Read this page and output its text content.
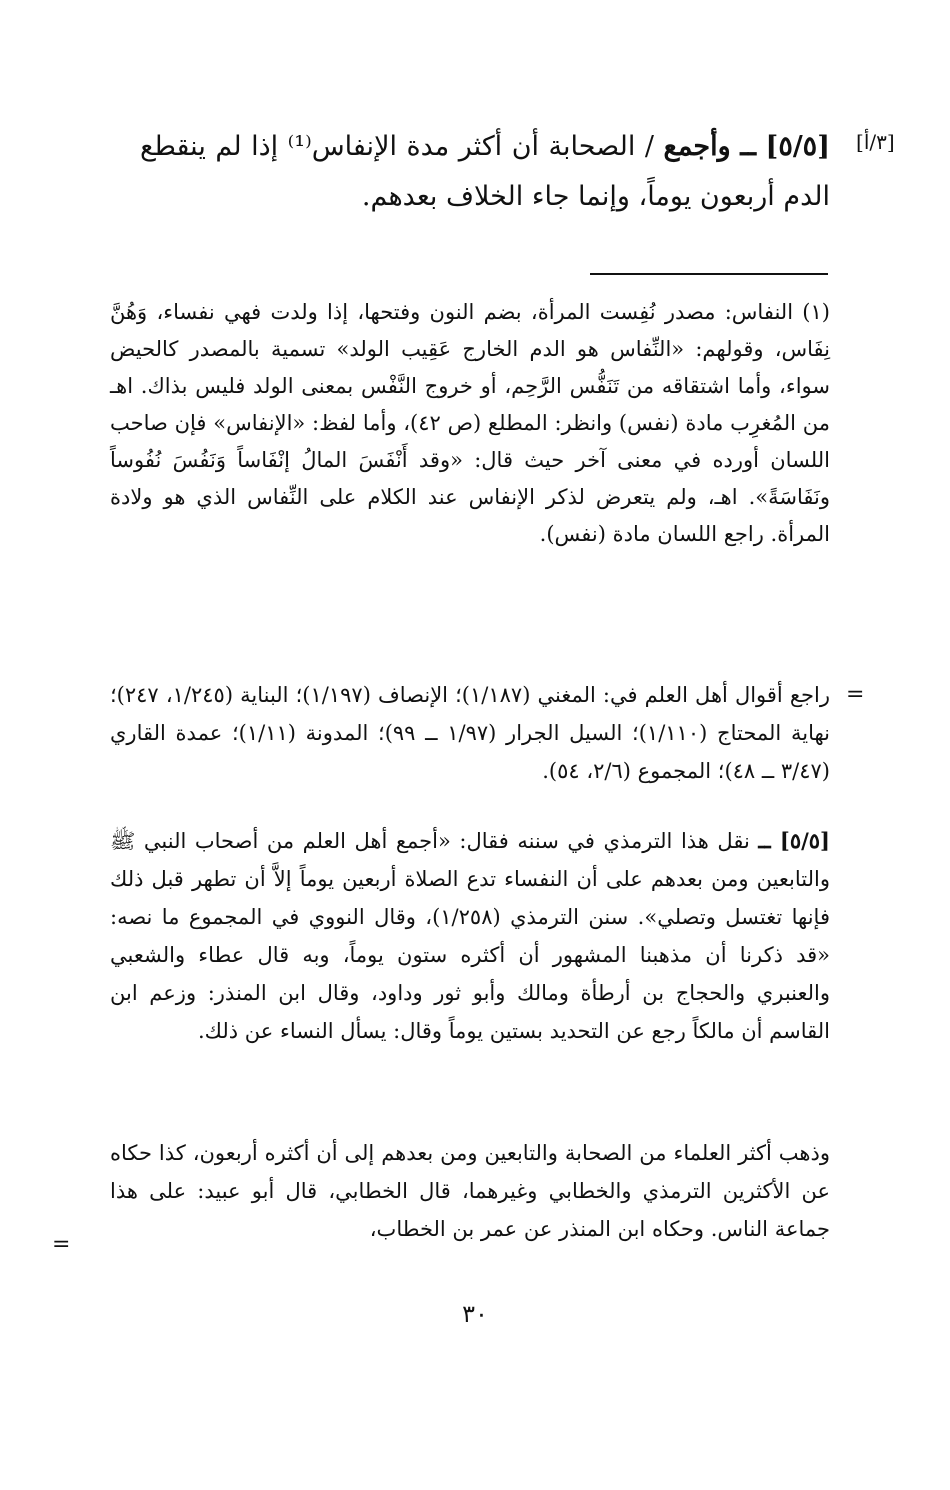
[٣/أ]
[٥/٥] ــ وأجمع / الصحابة أن أكثر مدة الإنفاس⁽¹⁾ إذا لم ينقطع الدم أربعون يوماً، وإنما جاء الخلاف بعدهم.
(١) النفاس: مصدر نُفِست المرأة، بضم النون وفتحها، إذا ولدت فهي نفساء، وَهُنَّ نِفَاس، وقولهم: «النِّفاس هو الدم الخارج عَقِيب الولد» تسمية بالمصدر كالحيض سواء، وأما اشتقاقه من تَنَفُّس الرَّحِم، أو خروج النَّفْس بمعنى الولد فليس بذاك. اهـ من المُغرِب مادة (نفس) وانظر: المطلع (ص ٤٢)، وأما لفظ: «الإنفاس» فإن صاحب اللسان أورده في معنى آخر حيث قال: «وقد أَنْفَسَ المالُ إنْفَاساً وَنَفُسَ نُفُوساً ونَفَاسَةً». اهـ، ولم يتعرض لذكر الإنفاس عند الكلام على النِّفاس الذي هو ولادة المرأة. راجع اللسان مادة (نفس).
=
راجع أقوال أهل العلم في: المغني (١/١٨٧)؛ الإنصاف (١/١٩٧)؛ البناية (١/٢٤٥، ٢٤٧)؛ نهاية المحتاج (١/١١٠)؛ السيل الجرار (١/٩٧ ــ ٩٩)؛ المدونة (١/١١)؛ عمدة القاري (٣/٤٧ ــ ٤٨)؛ المجموع (٢/٦، ٥٤).
[٥/٥] ــ نقل هذا الترمذي في سننه فقال: «أجمع أهل العلم من أصحاب النبي ﷺ والتابعين ومن بعدهم على أن النفساء تدع الصلاة أربعين يوماً إلاَّ أن تطهر قبل ذلك فإنها تغتسل وتصلي». سنن الترمذي (١/٢٥٨)، وقال النووي في المجموع ما نصه: «قد ذكرنا أن مذهبنا المشهور أن أكثره ستون يوماً، وبه قال عطاء والشعبي والعنبري والحجاج بن أرطأة ومالك وأبو ثور وداود، وقال ابن المنذر: وزعم ابن القاسم أن مالكاً رجع عن التحديد بستين يوماً وقال: يسأل النساء عن ذلك.
وذهب أكثر العلماء من الصحابة والتابعين ومن بعدهم إلى أن أكثره أربعون، كذا حكاه عن الأكثرين الترمذي والخطابي وغيرهما، قال الخطابي، قال أبو عبيد: على هذا جماعة الناس. وحكاه ابن المنذر عن عمر بن الخطاب،
=
٣٠
